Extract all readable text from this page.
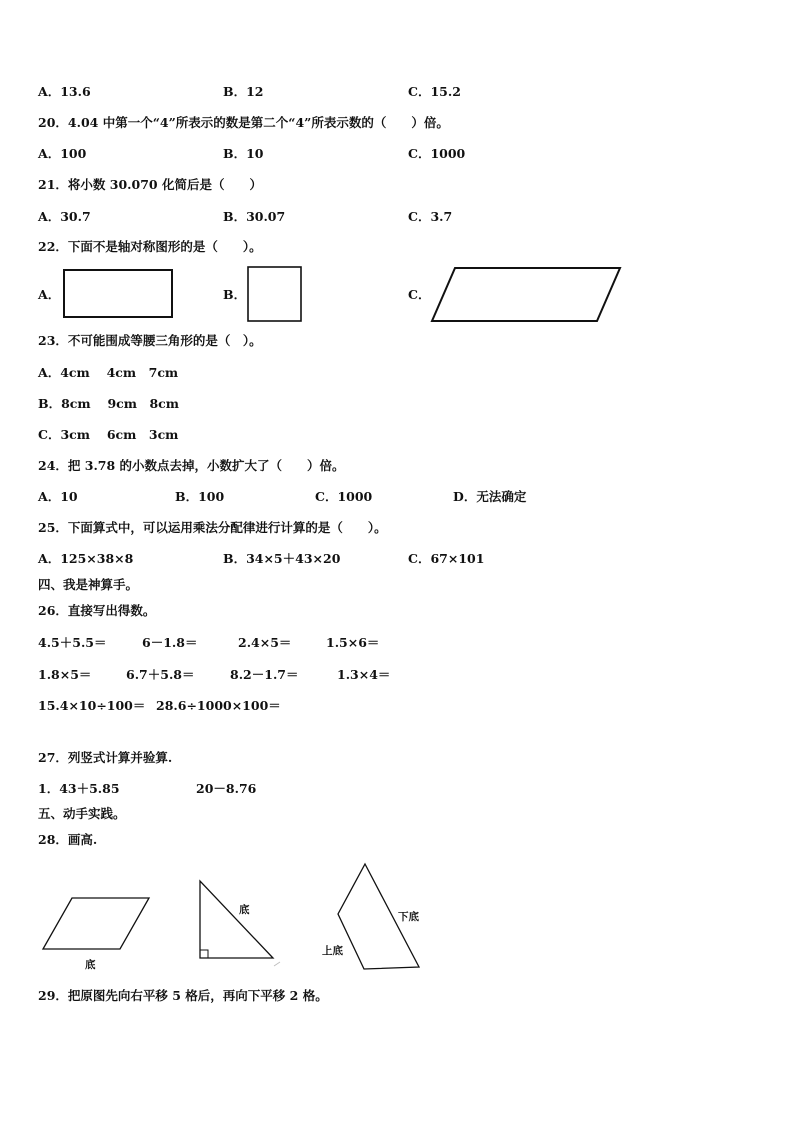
A．13.6	B．12	C．15.2
20．4.04 中第一个“4”所表示的数是第二个“4”所表示数的（　　）倍。
A．100	B．10	C．1000
21．将小数 30.070 化简后是（　　）
A．30.7	B．30.07	C．3.7
22．下面不是轴对称图形的是（　　）。
A．	B．	C．
23．不可能围成等腰三角形的是（　）。
A．4cm　 4cm　7cm
B．8cm　 9cm　8cm
C．3cm　 6cm　3cm
24．把 3.78 的小数点去掉，小数扩大了（　　）倍。
A．10	B．100	C．1000	D．无法确定
25．下面算式中，可以运用乘法分配律进行计算的是（　　）。
A．125×38×8	B．34×5＋43×20	C．67×101
四、我是神算手。
26．直接写出得数。
4.5＋5.5＝	6－1.8＝	2.4×5＝	1.5×6＝
1.8×5＝	6.7＋5.8＝	8.2－1.7＝	1.3×4＝
15.4×10÷100＝ 28.6÷1000×100＝
27．列竖式计算并验算.
1．43＋5.85	20－8.76
五、动手实践。
28．画高.
底
底
上底
下底
29．把原图先向右平移 5 格后，再向下平移 2 格。
